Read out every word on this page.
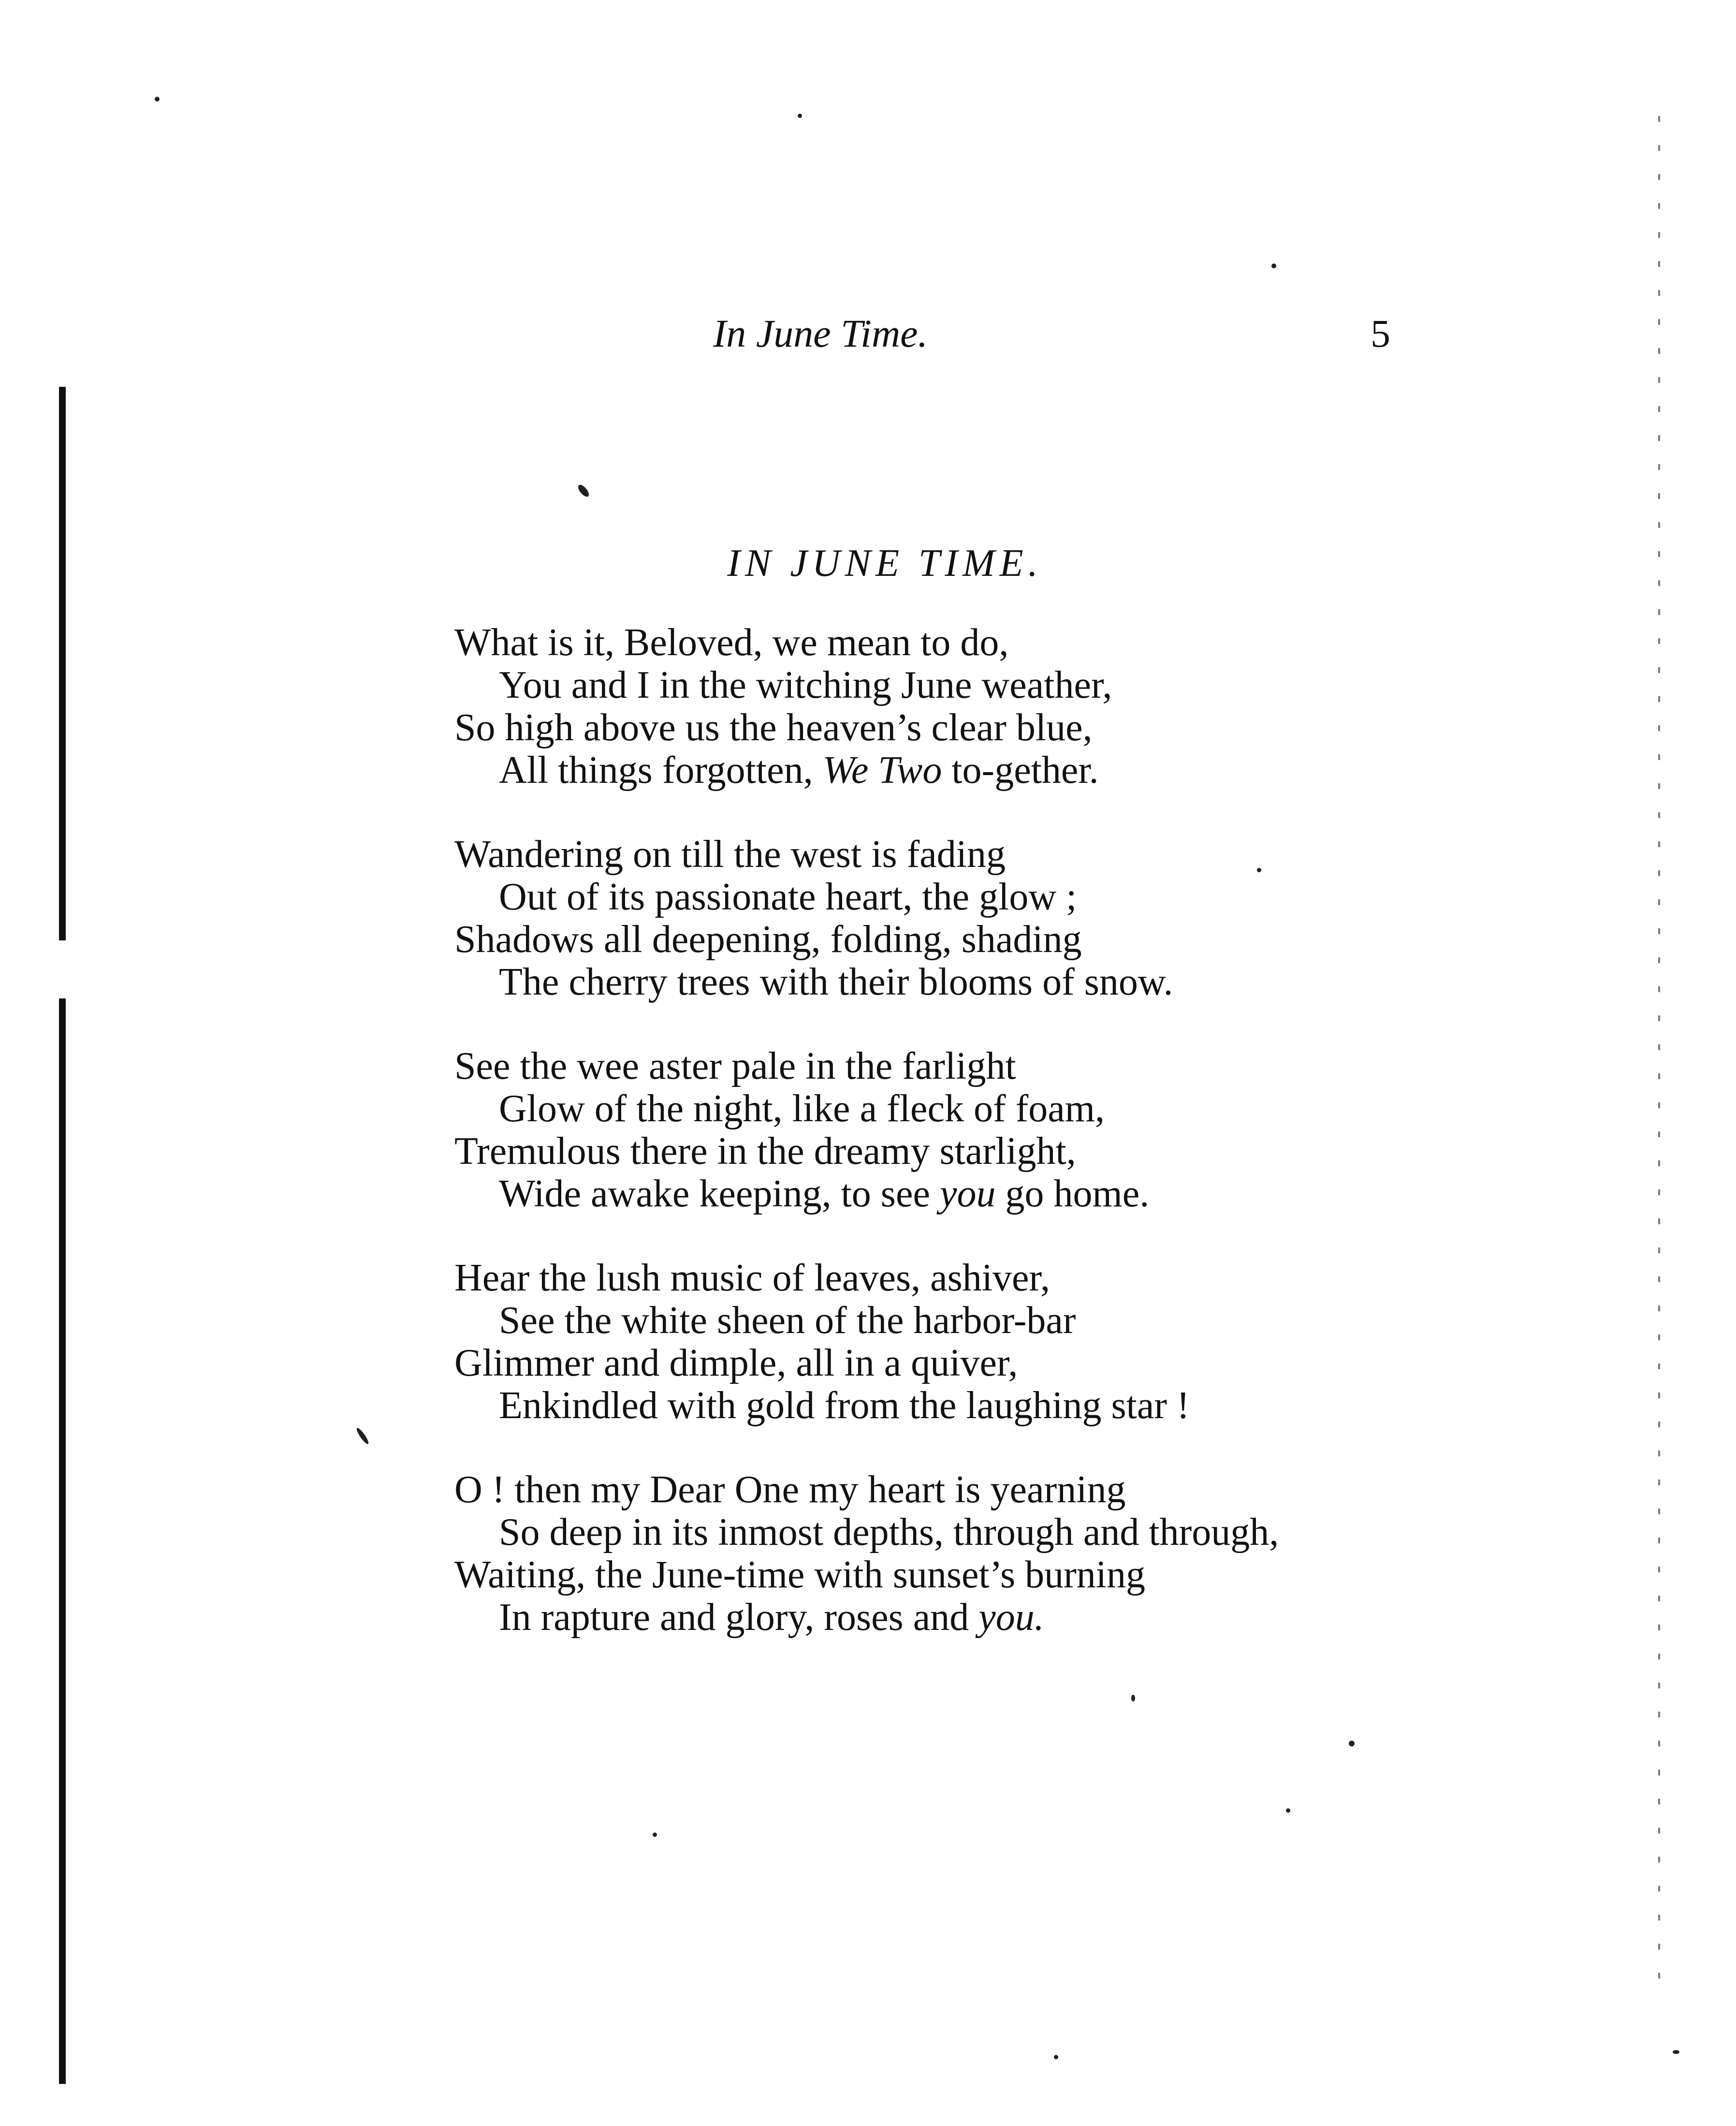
In June Time.	5
IN JUNE TIME.
What is it, Beloved, we mean to do,
You and I in the witching June weather,
So high above us the heaven’s clear blue,
All things forgotten, We Two to-gether.
Wandering on till the west is fading
Out of its passionate heart, the glow ;
Shadows all deepening, folding, shading
The cherry trees with their blooms of snow.
See the wee aster pale in the farlight
Glow of the night, like a fleck of foam,
Tremulous there in the dreamy starlight,
Wide awake keeping, to see you go home.
Hear the lush music of leaves, ashiver,
See the white sheen of the harbor-bar
Glimmer and dimple, all in a quiver,
Enkindled with gold from the laughing star !
O ! then my Dear One my heart is yearning
So deep in its inmost depths, through and through,
Waiting, the June-time with sunset’s burning
In rapture and glory, roses and you.
